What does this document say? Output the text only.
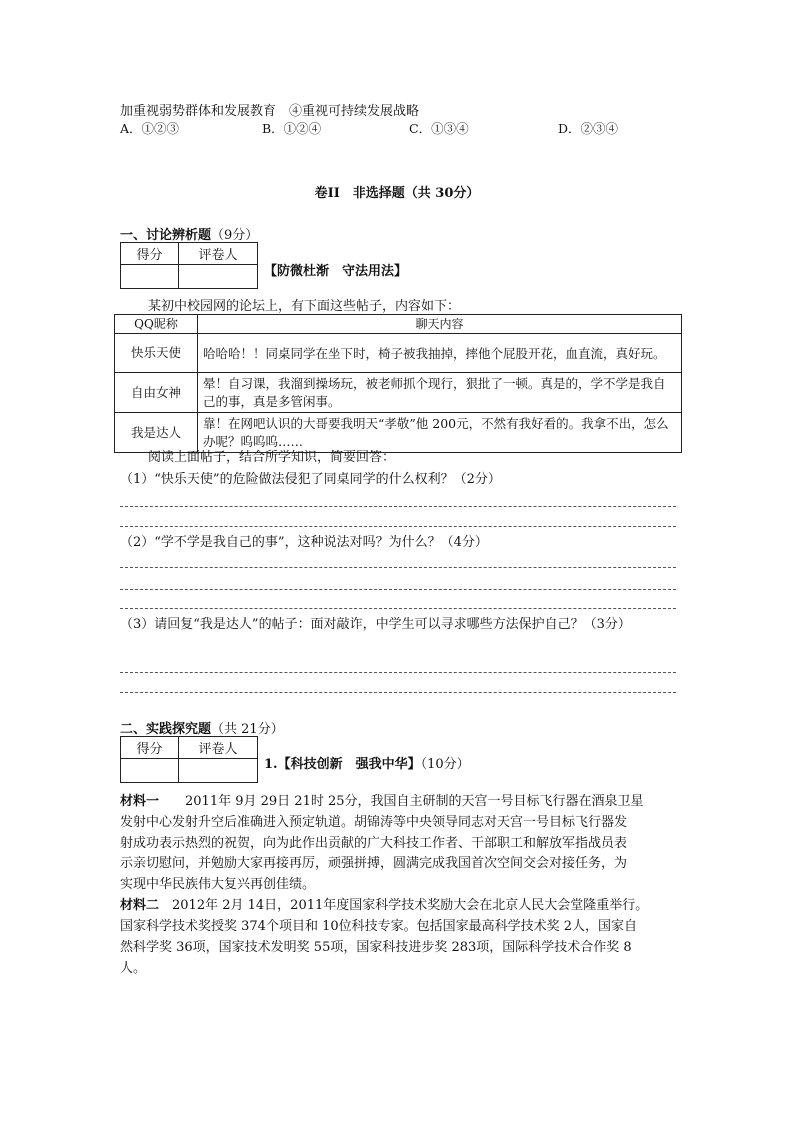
加重视弱势群体和发展教育　④重视可持续发展战略
A．①②③	B．①②④	C．①③④	D．②③④
卷II　非选择题（共 30分）
一、讨论辨析题（9分）
得分	评卷人

【防微杜渐　守法用法】
某初中校园网的论坛上，有下面这些帖子，内容如下：
QQ昵称	聊天内容
快乐天使	哈哈哈！！同桌同学在坐下时，椅子被我抽掉，摔他个屁股开花，血直流，真好玩。
自由女神	晕！自习课，我溜到操场玩，被老师抓个现行，狠批了一顿。真是的，学不学是我自己的事，真是多管闲事。
我是达人	靠！在网吧认识的大哥要我明天“孝敬”他 200元，不然有我好看的。我拿不出，怎么办呢？呜呜呜……
阅读上面帖子，结合所学知识，简要回答：
（1）“快乐天使”的危险做法侵犯了同桌同学的什么权利？（2分）
（2）“学不学是我自己的事”，这种说法对吗？为什么？（4分）
（3）请回复“我是达人”的帖子：面对敲诈，中学生可以寻求哪些方法保护自己？（3分）
二、实践探究题（共 21分）
得分	评卷人

1.【科技创新　强我中华】（10分）
材料一　　2011年 9月 29日 21时 25分，我国自主研制的天宫一号目标飞行器在酒泉卫星
发射中心发射升空后准确进入预定轨道。胡锦涛等中央领导同志对天宫一号目标飞行器发
射成功表示热烈的祝贺，向为此作出贡献的广大科技工作者、干部职工和解放军指战员表
示亲切慰问，并勉励大家再接再厉，顽强拼搏，圆满完成我国首次空间交会对接任务，为
实现中华民族伟大复兴再创佳绩。
材料二　2012年 2月 14日，2011年度国家科学技术奖励大会在北京人民大会堂隆重举行。
国家科学技术奖授奖 374个项目和 10位科技专家。包括国家最高科学技术奖 2人，国家自
然科学奖 36项，国家技术发明奖 55项，国家科技进步奖 283项，国际科学技术合作奖 8
人。
